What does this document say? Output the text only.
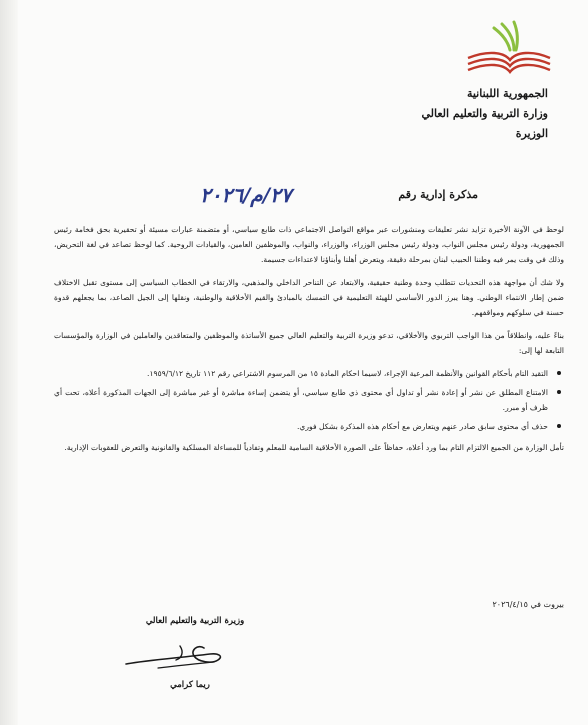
الجمهورية اللبنانية
وزارة التربية والتعليم العالي
الوزيرة
مذكرة إدارية رقم
٢٧/م/٢٠٢٦

لوحظ في الآونة الأخيرة تزايد نشر تعليقات ومنشورات عبر مواقع التواصل الاجتماعي ذات طابع سياسي، أو متضمنة عبارات مسيئة أو تحقيرية بحق فخامة رئيس الجمهورية، ودولة رئيس مجلس النواب، ودولة رئيس مجلس الوزراء، والوزراء، والنواب، والموظفين العامين، والقيادات الروحية. كما لوحظ تصاعد في لغة التحريض، وذلك في وقت يمر فيه وطننا الحبيب لبنان بمرحلة دقيقة، ويتعرض أهلنا وأبناؤنا لاعتداءات جسيمة.

ولا شك أن مواجهة هذه التحديات تتطلب وحدة وطنية حقيقية، والابتعاد عن التناحر الداخلي والمذهبي، والارتقاء في الخطاب السياسي إلى مستوى تقبل الاختلاف ضمن إطار الانتماء الوطني. وهنا يبرز الدور الأساسي للهيئة التعليمية في التمسك بالمبادئ والقيم الأخلاقية والوطنية، ونقلها إلى الجيل الصاعد، بما يجعلهم قدوة حسنة في سلوكهم ومواقفهم.

بناءً عليه، وانطلاقاً من هذا الواجب التربوي والأخلاقي، تدعو وزيرة التربية والتعليم العالي جميع الأساتذة والموظفين والمتعاقدين والعاملين في الوزارة والمؤسسات التابعة لها إلى:

التقيد التام بأحكام القوانين والأنظمة المرعية الإجراء، لاسيما احكام المادة ١٥ من المرسوم الاشتراعي رقم ١١٢ تاريخ ١٩٥٩/٦/١٢.
الامتناع المطلق عن نشر أو إعادة نشر أو تداول أي محتوى ذي طابع سياسي، أو يتضمن إساءة مباشرة أو غير مباشرة إلى الجهات المذكورة أعلاه، تحت أي ظرف أو مبرر.
حذف أي محتوى سابق صادر عنهم ويتعارض مع أحكام هذه المذكرة بشكل فوري.

تأمل الوزارة من الجميع الالتزام التام بما ورد أعلاه، حفاظاً على الصورة الأخلاقية السامية للمعلم وتفادياً للمساءلة المسلكية والقانونية والتعرض للعقوبات الإدارية.

بيروت في ٢٠٢٦/٤/١٥
وزيرة التربية والتعليم العالي
ريما كرامي
